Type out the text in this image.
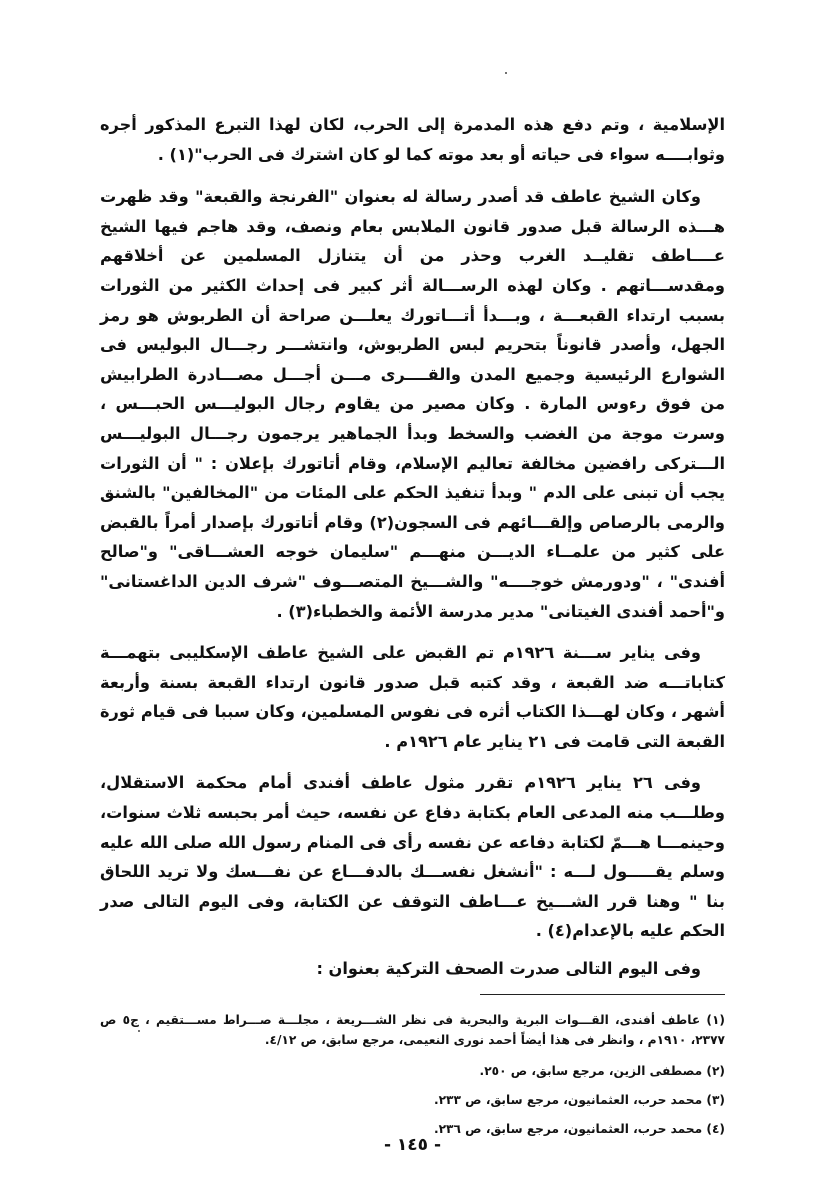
الإسلامية ، وتم دفع هذه المدمرة إلى الحرب، لكان لهذا التبرع المذكور أجره وثوابــــه سواء فى حياته أو بعد موته كما لو كان اشترك فى الحرب"(١) .

وكان الشيخ عاطف قد أصدر رسالة له بعنوان "الفرنجة والقبعة" وقد ظهرت هـــذه الرسالة قبل صدور قانون الملابس بعام ونصف، وقد هاجم فيها الشيخ عــــاطف تقليــد الغرب وحذر من أن يتنازل المسلمين عن أخلاقهم ومقدســـاتهم . وكان لهذه الرســـالة أثر كبير فى إحداث الكثير من الثورات بسبب ارتداء القبعـــة ، وبـــدأ أتـــاتورك يعلـــن صراحة أن الطربوش هو رمز الجهل، وأصدر قانوناً بتحريم لبس الطربوش، وانتشـــر رجـــال البوليس فى الشوارع الرئيسية وجميع المدن والقــــرى مـــن أجـــل مصـــادرة الطرابيش من فوق رءوس المارة . وكان مصير من يقاوم رجال البوليـــس الحبـــس ، وسرت موجة من الغضب والسخط وبدأ الجماهير يرجمون رجـــال البوليـــس الـــتركى رافضين مخالفة تعاليم الإسلام، وقام أتاتورك بإعلان : " أن الثورات يجب أن تبنى على الدم " وبدأ تنفيذ الحكم على المئات من "المخالفين" بالشنق والرمى بالرصاص وإلقـــائهم فى السجون(٢) وقام أتاتورك بإصدار أمراً بالقبض على كثير من علمــاء الديـــن منهـــم "سليمان خوجه العشـــاقى" و"صالح أفندى" ، "ودورمش خوجــــه" والشـــيخ المتصـــوف "شرف الدين الداغستانى" و"أحمد أفندى الغيتانى" مدير مدرسة الأئمة والخطباء(٣) .

وفى يناير ســـنة ١٩٢٦م تم القبض على الشيخ عاطف الإسكليبى بتهمـــة كتاباتـــه ضد القبعة ، وقد كتبه قبل صدور قانون ارتداء القبعة بسنة وأربعة أشهر ، وكان لهـــذا الكتاب أثره فى نفوس المسلمين، وكان سببا فى قيام ثورة القبعة التى قامت فى ٢١ يناير عام ١٩٢٦م .

وفى ٢٦ يناير ١٩٢٦م تقرر مثول عاطف أفندى أمام محكمة الاستقلال، وطلـــب منه المدعى العام بكتابة دفاع عن نفسه، حيث أمر بحبسه ثلاث سنوات، وحينمـــا هـــمّ لكتابة دفاعه عن نفسه رأى فى المنام رسول الله صلى الله عليه وسلم يقـــــول لـــه : "أنشغل نفســـك بالدفـــاع عن نفـــسك ولا تريد اللحاق بنا " وهنا قرر الشـــيخ عـــاطف التوقف عن الكتابة، وفى اليوم التالى صدر الحكم عليه بالإعدام(٤) .

وفى اليوم التالى صدرت الصحف التركية بعنوان :

(١) عاطف أفندى، القـــوات البرية والبحرية فى نظر الشـــريعة ، مجلـــة صـــراط مســـتقيم ، ج٥ ص ٢٣٧٧، ١٩١٠م ، وانظر فى هذا أيضاً أحمد نورى النعيمى، مرجع سابق، ص ٤/١٢.

(٢) مصطفى الزين، مرجع سابق، ص ٢٥٠.

(٣) محمد حرب، العثمانيون، مرجع سابق، ص ٢٣٣.

(٤) محمد حرب، العثمانيون، مرجع سابق، ص ٢٣٦.

- ١٤٥ -
